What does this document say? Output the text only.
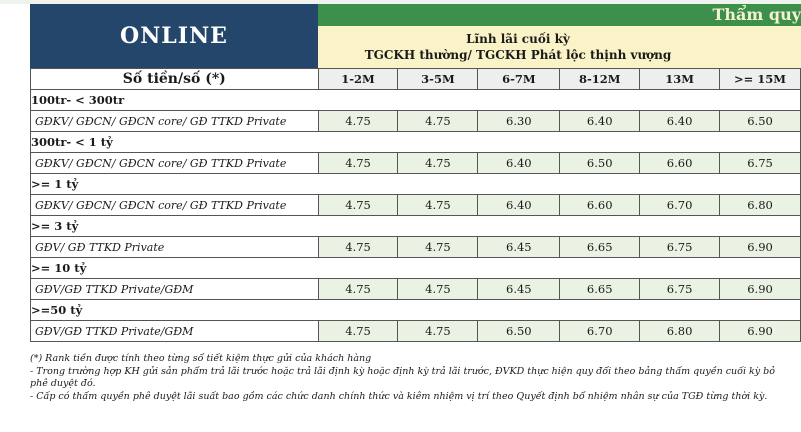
ONLINE
Thẩm quy
Lĩnh lãi cuối kỳ
TGCKH thường/ TGCKH Phát lộc thịnh vượng
Số tiền/số (*)	1-2M	3-5M	6-7M	8-12M	13M	>= 15M
100tr- < 300tr						
GĐKV/ GĐCN/ GĐCN core/ GĐ TTKD Private	4.75	4.75	6.30	6.40	6.40	6.50
300tr- < 1 tỷ						
GĐKV/ GĐCN/ GĐCN core/ GĐ TTKD Private	4.75	4.75	6.40	6.50	6.60	6.75
>= 1 tỷ						
GĐKV/ GĐCN/ GĐCN core/ GĐ TTKD Private	4.75	4.75	6.40	6.60	6.70	6.80
>= 3 tỷ						
GĐV/ GĐ TTKD Private	4.75	4.75	6.45	6.65	6.75	6.90
>= 10 tỷ						
GĐV/GĐ TTKD Private/GĐM	4.75	4.75	6.45	6.65	6.75	6.90
>=50 tỷ						
GĐV/GĐ TTKD Private/GĐM	4.75	4.75	6.50	6.70	6.80	6.90
(*) Rank tiền được tính theo từng sổ tiết kiệm thực gửi của khách hàng
- Trong trường hợp KH gửi sản phẩm trả lãi trước hoặc trả lãi định kỳ hoặc định kỳ trả lãi trước, ĐVKD thực hiện quy đổi theo bảng thẩm quyền cuối kỳ bỏ
phê duyệt đó.
- Cấp có thẩm quyền phê duyệt lãi suất bao gồm các chức danh chính thức và kiêm nhiệm vị trí theo Quyết định bổ nhiệm nhân sự của TGĐ từng thời kỳ.
